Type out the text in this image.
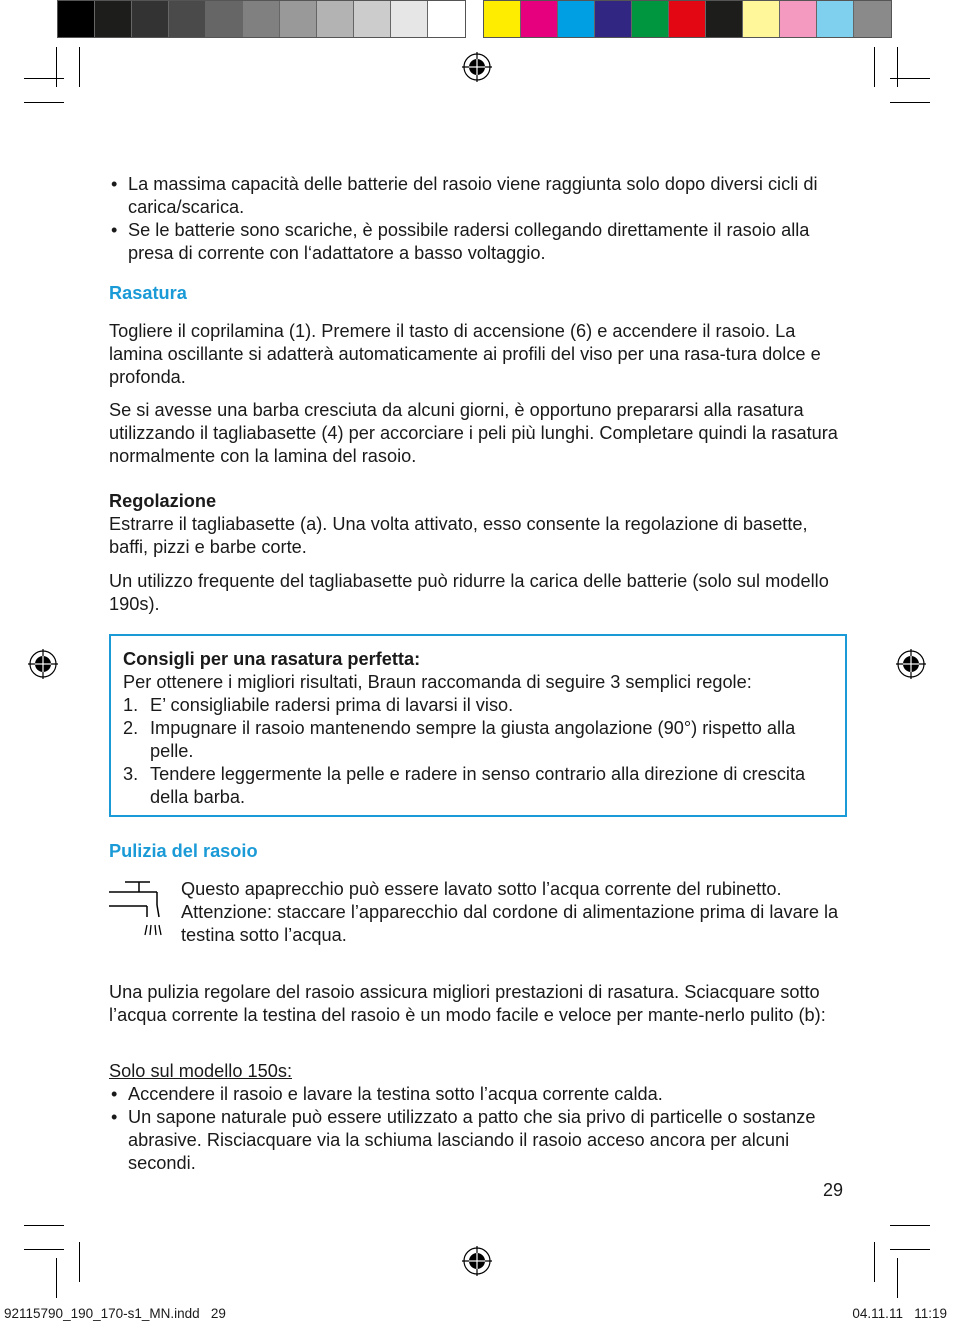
• La massima capacità delle batterie del rasoio viene raggiunta solo dopo diversi cicli di carica/scarica.
• Se le batterie sono scariche, è possibile radersi collegando direttamente il rasoio alla presa di corrente con l‘adattatore a basso voltaggio.
Rasatura

Togliere il coprilamina (1). Premere il tasto di accensione (6) e accendere il rasoio. La lamina oscillante si adatterà automaticamente ai profili del viso per una rasa-tura dolce e profonda.

Se si avesse una barba cresciuta da alcuni giorni, è opportuno prepararsi alla rasatura utilizzando il tagliabasette (4) per accorciare i peli più lunghi. Completare quindi la rasatura normalmente con la lamina del rasoio.

Regolazione

Estrarre il tagliabasette (a). Una volta attivato, esso consente la regolazione di basette, baffi, pizzi e barbe corte.

Un utilizzo frequente del tagliabasette può ridurre la carica delle batterie (solo sul modello 190s).

Consigli per una rasatura perfetta:

Per ottenere i migliori risultati, Braun raccomanda di seguire 3 semplici regole:

1. E’ consigliabile radersi prima di lavarsi il viso.
2. Impugnare il rasoio mantenendo sempre la giusta angolazione (90°) rispetto alla pelle.
3. Tendere leggermente la pelle e radere in senso contrario alla direzione di crescita della barba.
Pulizia del rasoio

Questo apaprecchio può essere lavato sotto l’acqua corrente del rubinetto.

Attenzione: staccare l’apparecchio dal cordone di alimentazione prima di lavare la testina sotto l’acqua.

Una pulizia regolare del rasoio assicura migliori prestazioni di rasatura. Sciacquare sotto l’acqua corrente la testina del rasoio è un modo facile e veloce per mante-nerlo pulito (b):

Solo sul modello 150s:

• Accendere il rasoio e lavare la testina sotto l’acqua corrente calda.
• Un sapone naturale può essere utilizzato a patto che sia privo di particelle o sostanze abrasive. Risciacquare via la schiuma lasciando il rasoio acceso ancora per alcuni secondi.
29
92115790_190_170-s1_MN.indd   29	04.11.11   11:19
